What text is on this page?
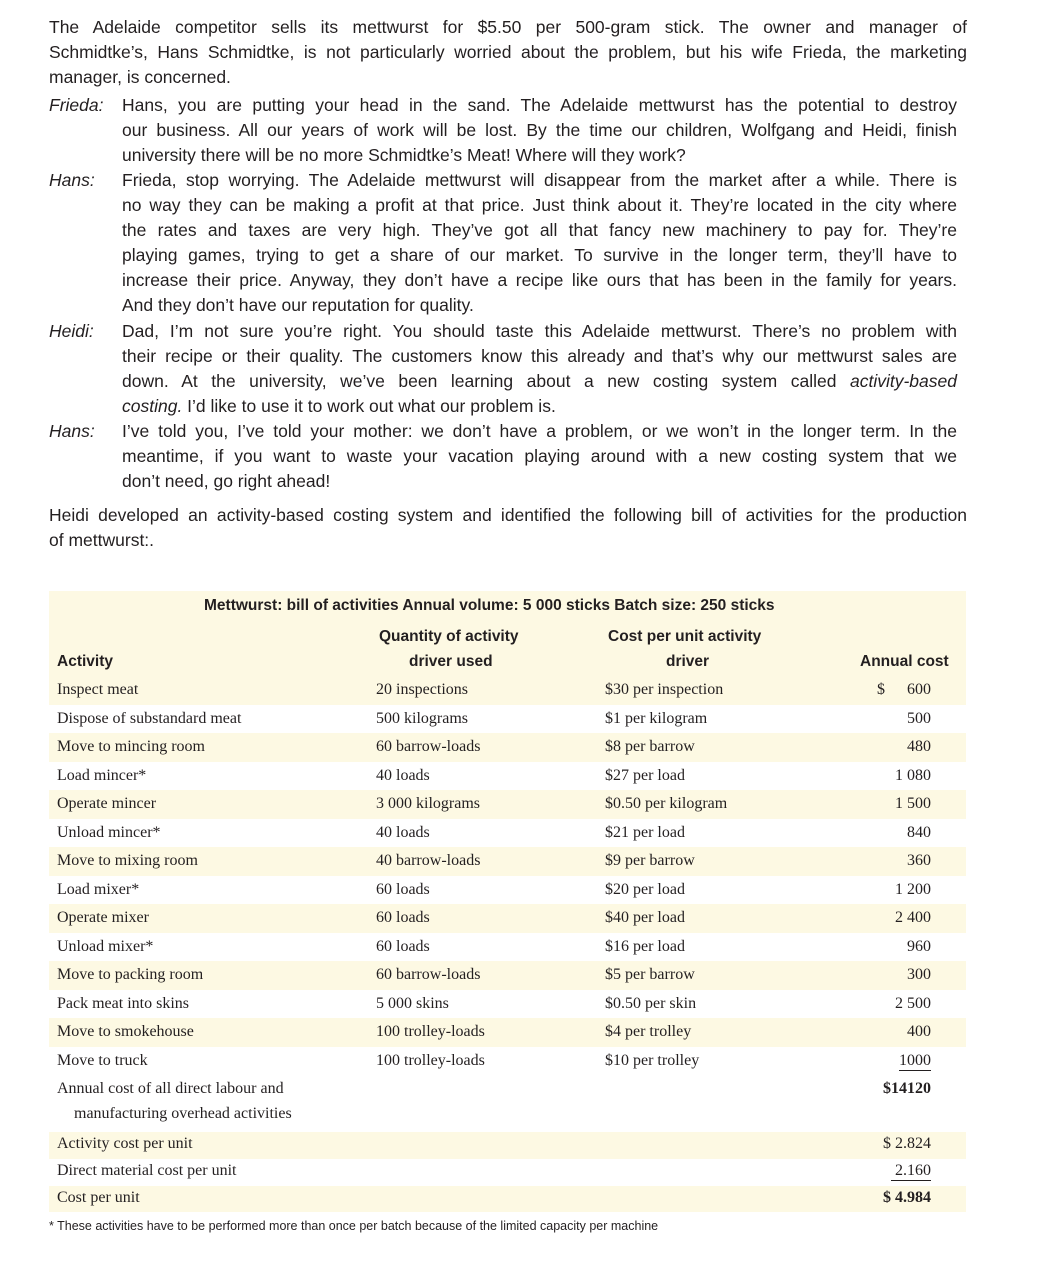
The Adelaide competitor sells its mettwurst for $5.50 per 500-gram stick. The owner and manager of
Schmidtke’s, Hans Schmidtke, is not particularly worried about the problem, but his wife Frieda, the marketing
manager, is concerned.
Frieda: Hans, you are putting your head in the sand. The Adelaide mettwurst has the potential to destroy
our business. All our years of work will be lost. By the time our children, Wolfgang and Heidi, finish
university there will be no more Schmidtke’s Meat! Where will they work?
Hans: Frieda, stop worrying. The Adelaide mettwurst will disappear from the market after a while. There is
no way they can be making a profit at that price. Just think about it. They’re located in the city where
the rates and taxes are very high. They’ve got all that fancy new machinery to pay for. They’re
playing games, trying to get a share of our market. To survive in the longer term, they’ll have to
increase their price. Anyway, they don’t have a recipe like ours that has been in the family for years.
And they don’t have our reputation for quality.
Heidi: Dad, I’m not sure you’re right. You should taste this Adelaide mettwurst. There’s no problem with
their recipe or their quality. The customers know this already and that’s why our mettwurst sales are
down. At the university, we’ve been learning about a new costing system called activity-based
costing. I’d like to use it to work out what our problem is.
Hans: I’ve told you, I’ve told your mother: we don’t have a problem, or we won’t in the longer term. In the
meantime, if you want to waste your vacation playing around with a new costing system that we
don’t need, go right ahead!
Heidi developed an activity-based costing system and identified the following bill of activities for the production
of mettwurst:.
Mettwurst: bill of activities Annual volume: 5 000 sticks Batch size: 250 sticks
Quantity of activity
driver used
Cost per unit activity
driver
Activity	Annual cost
Inspect meat	20 inspections	$30 per inspection	$ 600
Dispose of substandard meat	500 kilograms	$1 per kilogram	500
Move to mincing room	60 barrow-loads	$8 per barrow	480
Load mincer*	40 loads	$27 per load	1 080
Operate mincer	3 000 kilograms	$0.50 per kilogram	1 500
Unload mincer*	40 loads	$21 per load	840
Move to mixing room	40 barrow-loads	$9 per barrow	360
Load mixer*	60 loads	$20 per load	1 200
Operate mixer	60 loads	$40 per load	2 400
Unload mixer*	60 loads	$16 per load	960
Move to packing room	60 barrow-loads	$5 per barrow	300
Pack meat into skins	5 000 skins	$0.50 per skin	2 500
Move to smokehouse	100 trolley-loads	$4 per trolley	400
Move to truck	100 trolley-loads	$10 per trolley	1000
Annual cost of all direct labour and
manufacturing overhead activities
$14120
Activity cost per unit	$ 2.824
Direct material cost per unit	2.160
Cost per unit	$ 4.984
* These activities have to be performed more than once per batch because of the limited capacity per machine
